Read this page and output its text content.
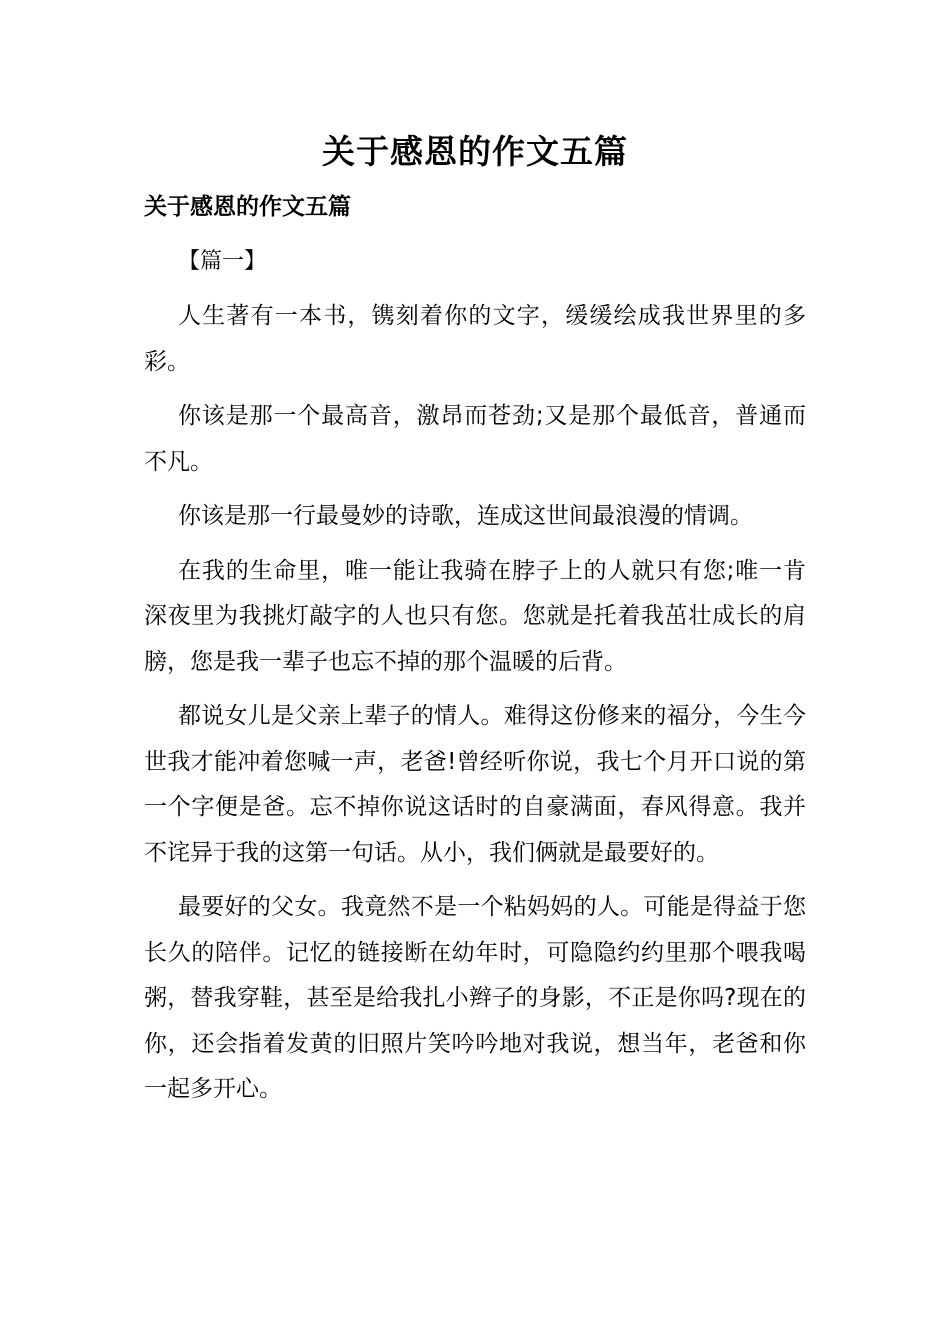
关于感恩的作文五篇
关于感恩的作文五篇
【篇一】

人生著有一本书，镌刻着你的文字，缓缓绘成我世界里的多彩。

你该是那一个最高音，激昂而苍劲;又是那个最低音，普通而不凡。

你该是那一行最曼妙的诗歌，连成这世间最浪漫的情调。

在我的生命里，唯一能让我骑在脖子上的人就只有您;唯一肯深夜里为我挑灯敲字的人也只有您。您就是托着我茁壮成长的肩膀，您是我一辈子也忘不掉的那个温暖的后背。

都说女儿是父亲上辈子的情人。难得这份修来的福分，今生今世我才能冲着您喊一声，老爸!曾经听你说，我七个月开口说的第一个字便是爸。忘不掉你说这话时的自豪满面，春风得意。我并不诧异于我的这第一句话。从小，我们俩就是最要好的。

最要好的父女。我竟然不是一个粘妈妈的人。可能是得益于您长久的陪伴。记忆的链接断在幼年时，可隐隐约约里那个喂我喝粥，替我穿鞋，甚至是给我扎小辫子的身影，不正是你吗?现在的你，还会指着发黄的旧照片笑吟吟地对我说，想当年，老爸和你一起多开心。
